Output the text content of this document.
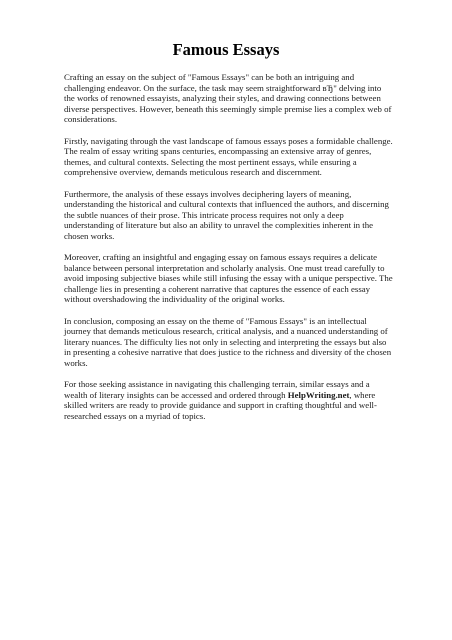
Famous Essays

Crafting an essay on the subject of "Famous Essays" can be both an intriguing and challenging endeavor. On the surface, the task may seem straightforward вЂ" delving into the works of renowned essayists, analyzing their styles, and drawing connections between diverse perspectives. However, beneath this seemingly simple premise lies a complex web of considerations.

Firstly, navigating through the vast landscape of famous essays poses a formidable challenge. The realm of essay writing spans centuries, encompassing an extensive array of genres, themes, and cultural contexts. Selecting the most pertinent essays, while ensuring a comprehensive overview, demands meticulous research and discernment.

Furthermore, the analysis of these essays involves deciphering layers of meaning, understanding the historical and cultural contexts that influenced the authors, and discerning the subtle nuances of their prose. This intricate process requires not only a deep understanding of literature but also an ability to unravel the complexities inherent in the chosen works.

Moreover, crafting an insightful and engaging essay on famous essays requires a delicate balance between personal interpretation and scholarly analysis. One must tread carefully to avoid imposing subjective biases while still infusing the essay with a unique perspective. The challenge lies in presenting a coherent narrative that captures the essence of each essay without overshadowing the individuality of the original works.

In conclusion, composing an essay on the theme of "Famous Essays" is an intellectual journey that demands meticulous research, critical analysis, and a nuanced understanding of literary nuances. The difficulty lies not only in selecting and interpreting the essays but also in presenting a cohesive narrative that does justice to the richness and diversity of the chosen works.

For those seeking assistance in navigating this challenging terrain, similar essays and a wealth of literary insights can be accessed and ordered through HelpWriting.net, where skilled writers are ready to provide guidance and support in crafting thoughtful and well-researched essays on a myriad of topics.
